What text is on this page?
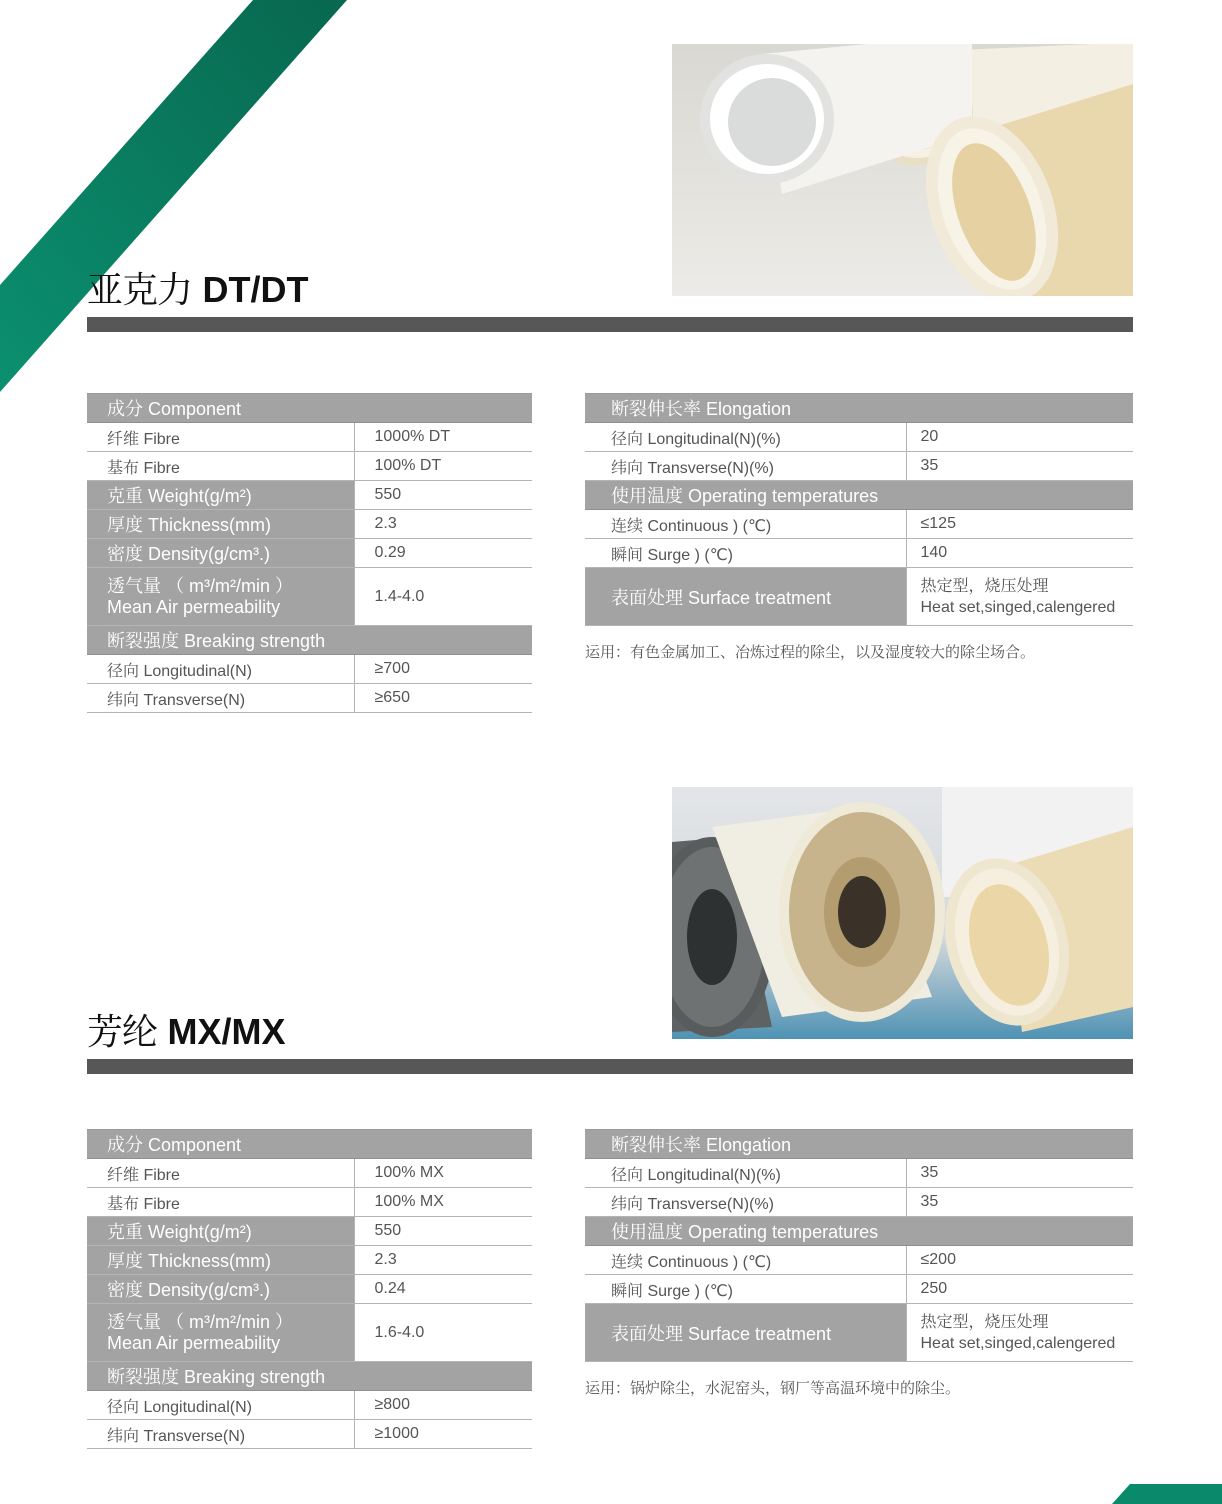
亚克力 DT/DT
成分 Component	
纤维 Fibre	1000% DT
基布 Fibre	100% DT
克重 Weight(g/m²)	550
厚度 Thickness(mm)	2.3
密度 Density(g/cm³.)	0.29

透气量 （ m³/m²/min ）
Mean Air permeability	1.4-4.0
断裂强度 Breaking strength	
径向 Longitudinal(N)	≥700
纬向 Transverse(N)	≥650
断裂伸长率 Elongation	
径向 Longitudinal(N)(%)	20
纬向 Transverse(N)(%)	35
使用温度 Operating temperatures	
连续 Continuous ) (℃)	≤125
瞬间 Surge ) (℃)	140
表面处理 Surface treatment	热定型，烧压处理
Heat set,singed,calengered

运用：有色金属加工、冶炼过程的除尘，以及湿度较大的除尘场合。

芳纶 MX/MX
成分 Component	
纤维 Fibre	100% MX
基布 Fibre	100% MX
克重 Weight(g/m²)	550
厚度 Thickness(mm)	2.3
密度 Density(g/cm³.)	0.24

透气量 （ m³/m²/min ）
Mean Air permeability	1.6-4.0
断裂强度 Breaking strength	
径向 Longitudinal(N)	≥800
纬向 Transverse(N)	≥1000
断裂伸长率 Elongation	
径向 Longitudinal(N)(%)	35
纬向 Transverse(N)(%)	35
使用温度 Operating temperatures	
连续 Continuous ) (℃)	≤200
瞬间 Surge ) (℃)	250
表面处理 Surface treatment	热定型，烧压处理
Heat set,singed,calengered

运用：锅炉除尘，水泥窑头，钢厂等高温环境中的除尘。
